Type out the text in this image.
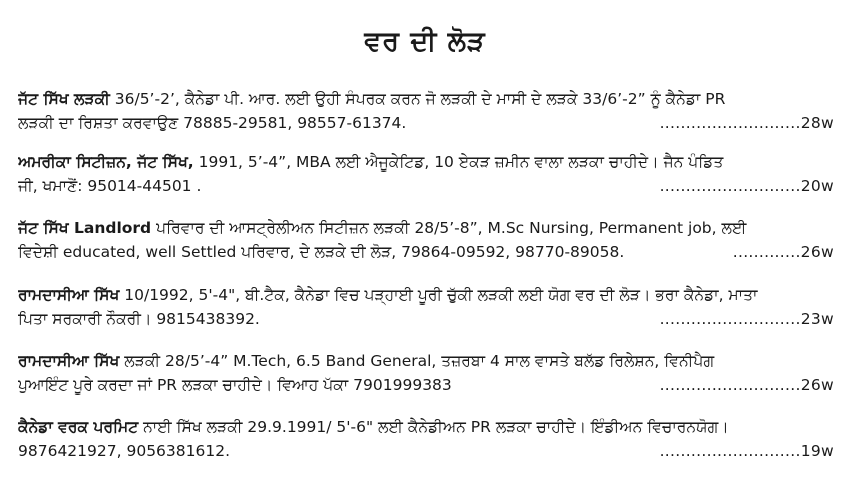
ਵਰ ਦੀ ਲੋੜ
ਜੱਟ ਸਿੱਖ ਲੜਕੀ 36/5’-2’, ਕੈਨੇਡਾ ਪੀ. ਆਰ. ਲਈ ਉਹੀ ਸੰਪਰਕ ਕਰਨ ਜੋ ਲੜਕੀ ਦੇ ਮਾਸੀ ਦੇ ਲੜਕੇ 33/6’-2” ਨੂੰ ਕੈਨੇਡਾ PR
ਲੜਕੀ ਦਾ ਰਿਸ਼ਤਾ ਕਰਵਾਉਣ 78885-29581, 98557-61374.	...........................28w
ਅਮਰੀਕਾ ਸਿਟੀਜ਼ਨ, ਜੱਟ ਸਿੱਖ, 1991, 5’-4”, MBA ਲਈ ਐਜੂਕੇਟਿਡ, 10 ਏਕੜ ਜ਼ਮੀਨ ਵਾਲਾ ਲੜਕਾ ਚਾਹੀਦੇ। ਜੈਨ ਪੰਡਿਤ
ਜੀ, ਖਮਾਣੋਂ: 95014-44501 .	...........................20w
ਜੱਟ ਸਿੱਖ Landlord ਪਰਿਵਾਰ ਦੀ ਆਸਟ੍ਰੇਲੀਅਨ ਸਿਟੀਜ਼ਨ ਲੜਕੀ 28/5’-8”, M.Sc Nursing, Permanent job, ਲਈ
ਵਿਦੇਸ਼ੀ educated, well Settled ਪਰਿਵਾਰ, ਦੇ ਲੜਕੇ ਦੀ ਲੋੜ, 79864-09592, 98770-89058.	.............26w
ਰਾਮਦਾਸੀਆ ਸਿੱਖ 10/1992, 5'-4", ਬੀ.ਟੈਕ, ਕੈਨੇਡਾ ਵਿਚ ਪੜ੍ਹਾਈ ਪੂਰੀ ਚੁੱਕੀ ਲੜਕੀ ਲਈ ਯੋਗ ਵਰ ਦੀ ਲੋੜ। ਭਰਾ ਕੈਨੇਡਾ, ਮਾਤਾ
ਪਿਤਾ ਸਰਕਾਰੀ ਨੌਕਰੀ। 9815438392.	...........................23w
ਰਾਮਦਾਸੀਆ ਸਿੱਖ ਲੜਕੀ 28/5’-4” M.Tech, 6.5 Band General, ਤਜ਼ਰਬਾ 4 ਸਾਲ ਵਾਸਤੇ ਬਲੱਡ ਰਿਲੇਸ਼ਨ, ਵਿਨੀਪੈਗ
ਪੁਆਇੰਟ ਪੂਰੇ ਕਰਦਾ ਜਾਂ PR ਲੜਕਾ ਚਾਹੀਦੇ। ਵਿਆਹ ਪੱਕਾ 7901999383	...........................26w
ਕੈਨੇਡਾ ਵਰਕ ਪਰਮਿਟ ਨਾਈ ਸਿੱਖ ਲੜਕੀ 29.9.1991/ 5'-6" ਲਈ ਕੈਨੇਡੀਅਨ PR ਲੜਕਾ ਚਾਹੀਦੇ। ਇੰਡੀਅਨ ਵਿਚਾਰਨਯੋਗ।
9876421927, 9056381612.	...........................19w
